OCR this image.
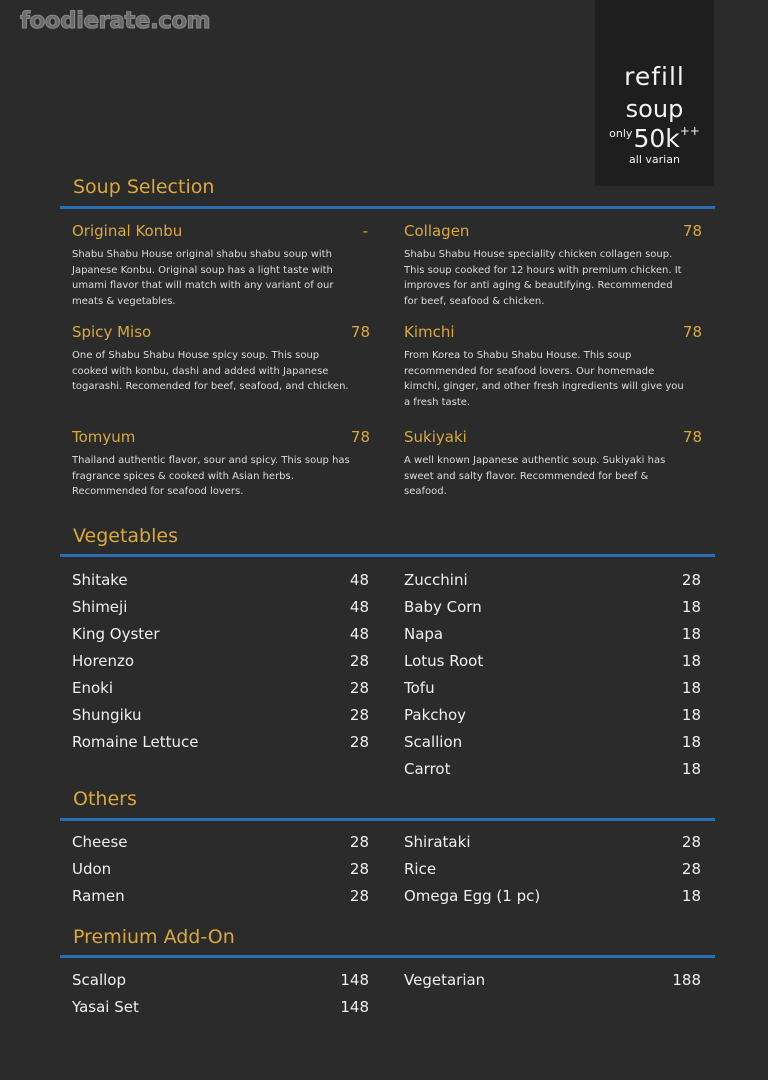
foodierate.com
refill
soup
$^{only}$50k++
all varian
Soup Selection
Original Konbu	-
Shabu Shabu House original shabu shabu soup with Japanese Konbu. Original soup has a light taste with umami flavor that will match with any variant of our meats & vegetables.
Collagen	78
Shabu Shabu House speciality chicken collagen soup. This soup cooked for 12 hours with premium chicken. It improves for anti aging & beautifying. Recommended for beef, seafood & chicken.
Spicy Miso	78
One of Shabu Shabu House spicy soup. This soup cooked with konbu, dashi and added with Japanese togarashi. Recomended for beef, seafood, and chicken.
Kimchi	78
From Korea to Shabu Shabu House. This soup recommended for seafood lovers. Our homemade kimchi, ginger, and other fresh ingredients will give you a fresh taste.
Tomyum	78
Thailand authentic flavor, sour and spicy. This soup has fragrance spices & cooked with Asian herbs. Recommended for seafood lovers.
Sukiyaki	78
A well known Japanese authentic soup. Sukiyaki has sweet and salty flavor. Recommended for beef & seafood.
Vegetables
Shitake	48
Shimeji	48
King Oyster	48
Horenzo	28
Enoki	28
Shungiku	28
Romaine Lettuce	28
Zucchini	28
Baby Corn	18
Napa	18
Lotus Root	18
Tofu	18
Pakchoy	18
Scallion	18
Carrot	18
Others
Cheese	28
Udon	28
Ramen	28
Shirataki	28
Rice	28
Omega Egg (1 pc)	18
Premium Add-On
Scallop	148
Yasai Set	148
Vegetarian	188
